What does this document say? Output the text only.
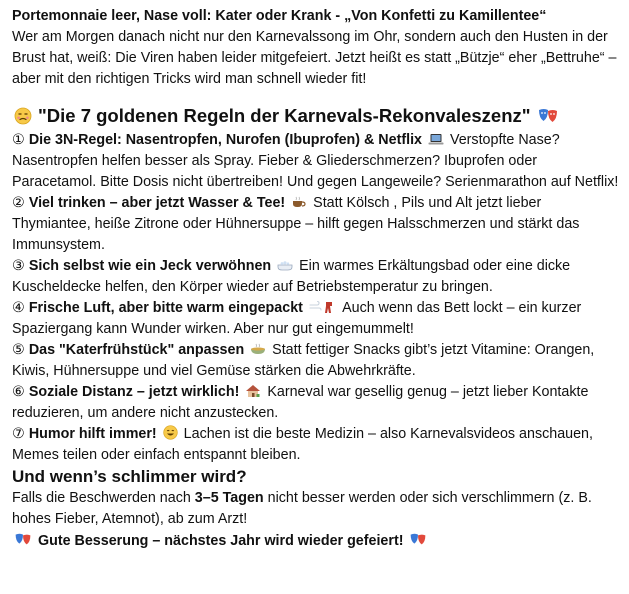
Portemonnaie leer, Nase voll: Kater oder Krank - „Von Konfetti zu Kamillentee“
Wer am Morgen danach nicht nur den Karnevalssong im Ohr, sondern auch den Husten in der Brust hat, weiß: Die Viren haben leider mitgefeiert. Jetzt heißt es statt „Bützje“ eher „Bettruhe“ – aber mit den richtigen Tricks wird man schnell wieder fit!

"Die 7 goldenen Regeln der Karnevals-Rekonvaleszenz"

① Die 3N-Regel: Nasentropfen, Nurofen (Ibuprofen) & Netflix Verstopfte Nase? Nasentropfen helfen besser als Spray. Fieber & Gliederschmerzen? Ibuprofen oder Paracetamol. Bitte Dosis nicht übertreiben! Und gegen Langeweile? Serienmarathon auf Netflix!

② Viel trinken – aber jetzt Wasser & Tee! Statt Kölsch , Pils und Alt jetzt lieber Thymiantee, heiße Zitrone oder Hühnersuppe – hilft gegen Halsschmerzen und stärkt das Immunsystem.

③ Sich selbst wie ein Jeck verwöhnen Ein warmes Erkältungsbad oder eine dicke Kuscheldecke helfen, den Körper wieder auf Betriebstemperatur zu bringen.

④ Frische Luft, aber bitte warm eingepackt	Auch wenn das Bett lockt – ein kurzer Spaziergang kann Wunder wirken. Aber nur gut eingemummelt!

⑤ Das "Katerfrühstück" anpassen Statt fettiger Snacks gibt’s jetzt Vitamine: Orangen, Kiwis, Hühnersuppe und viel Gemüse stärken die Abwehrkräfte.

⑥ Soziale Distanz – jetzt wirklich! Karneval war gesellig genug – jetzt lieber Kontakte reduzieren, um andere nicht anzustecken.

⑦ Humor hilft immer! Lachen ist die beste Medizin – also Karnevalsvideos anschauen, Memes teilen oder einfach entspannt bleiben.

Und wenn’s schlimmer wird?

Falls die Beschwerden nach 3–5 Tagen nicht besser werden oder sich verschlimmern (z. B. hohes Fieber, Atemnot), ab zum Arzt!

Gute Besserung – nächstes Jahr wird wieder gefeiert!
